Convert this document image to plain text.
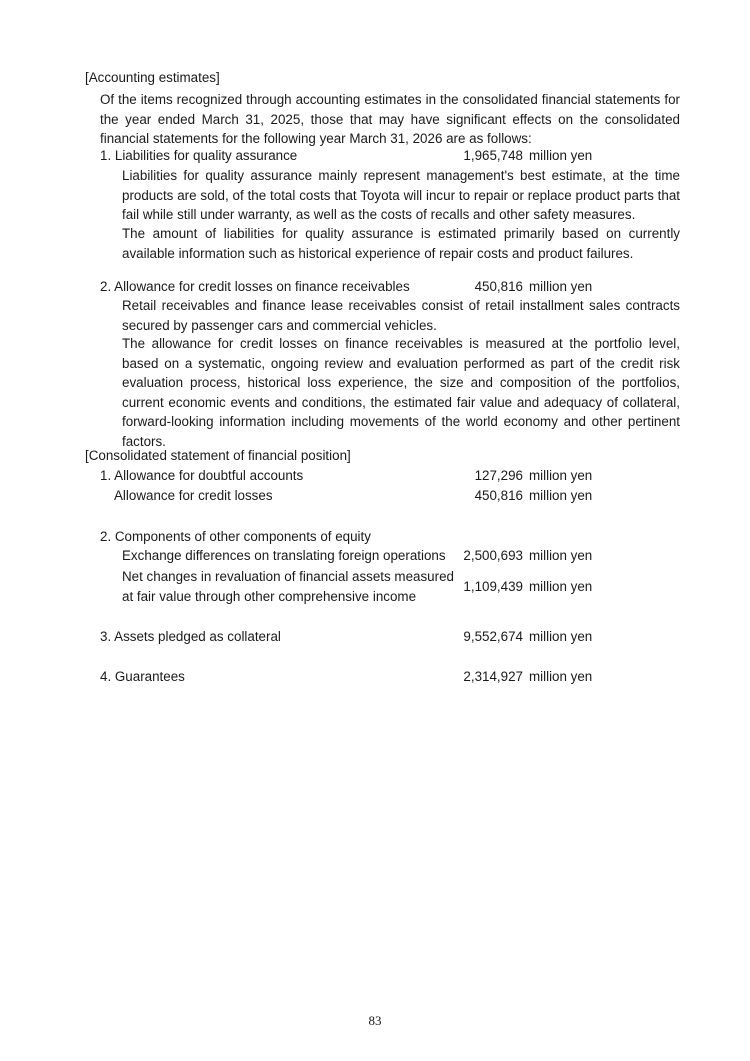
[Accounting estimates]
Of the items recognized through accounting estimates in the consolidated financial statements for the year ended March 31, 2025, those that may have significant effects on the consolidated financial statements for the following year March 31, 2026 are as follows:
1. Liabilities for quality assurance	1,965,748 million yen
Liabilities for quality assurance mainly represent management's best estimate, at the time products are sold, of the total costs that Toyota will incur to repair or replace product parts that fail while still under warranty, as well as the costs of recalls and other safety measures.
The amount of liabilities for quality assurance is estimated primarily based on currently available information such as historical experience of repair costs and product failures.
2. Allowance for credit losses on finance receivables	450,816 million yen
Retail receivables and finance lease receivables consist of retail installment sales contracts secured by passenger cars and commercial vehicles.
The allowance for credit losses on finance receivables is measured at the portfolio level, based on a systematic, ongoing review and evaluation performed as part of the credit risk evaluation process, historical loss experience, the size and composition of the portfolios, current economic events and conditions, the estimated fair value and adequacy of collateral, forward-looking information including movements of the world economy and other pertinent factors.
[Consolidated statement of financial position]
1. Allowance for doubtful accounts	127,296 million yen
Allowance for credit losses	450,816 million yen
2. Components of other components of equity
Exchange differences on translating foreign operations 2,500,693 million yen
Net changes in revaluation of financial assets measured
at fair value through other comprehensive income
1,109,439 million yen
3. Assets pledged as collateral	9,552,674 million yen
4. Guarantees	2,314,927 million yen
83
